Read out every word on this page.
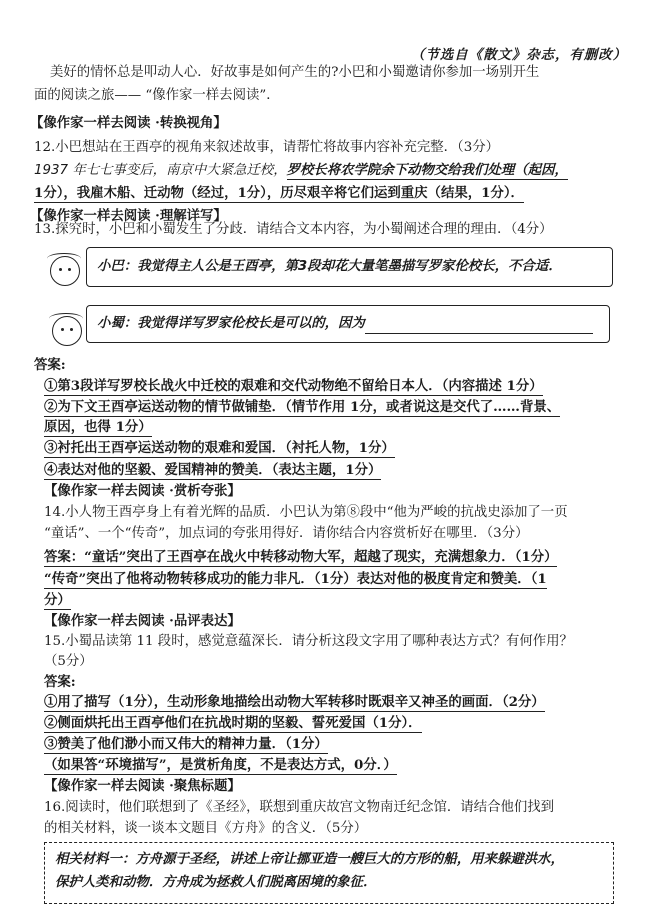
（节选自《散文》杂志，有删改）
美好的情怀总是叩动人心．好故事是如何产生的?小巴和小蜀邀请你参加一场别开生
面的阅读之旅—— “像作家一样去阅读”．
【像作家一样去阅读 ·转换视角】
12.小巴想站在王酉亭的视角来叙述故事，请帮忙将故事内容补充完整．（3分）
1937 年七七事变后，南京中大紧急迁校，罗校长将农学院余下动物交给我们处理（起因，
1分），我雇木船、迁动物（经过，1分），历尽艰辛将它们运到重庆（结果，1分）．
【像作家一样去阅读 ·理解详写】
13.探究时，小巴和小蜀发生了分歧．请结合文本内容，为小蜀阐述合理的理由．（4分）
小巴：我觉得主人公是王酉亭，第3段却花大量笔墨描写罗家伦校长，不合适．
小蜀：我觉得详写罗家伦校长是可以的，因为
答案:
①第3段详写罗校长战火中迁校的艰难和交代动物绝不留给日本人．（内容描述 1分）
②为下文王酉亭运送动物的情节做铺垫．（情节作用 1分，或者说这是交代了……背景、
原因，也得 1分）
③衬托出王酉亭运送动物的艰难和爱国．（衬托人物，1分）
④表达对他的坚毅、爱国精神的赞美．（表达主题，1分）
【像作家一样去阅读 ·赏析夸张】
14.小人物王酉亭身上有着光辉的品质．小巴认为第⑧段中“他为严峻的抗战史添加了一页
“童话”、一个“传奇”，加点词的夸张用得好．请你结合内容赏析好在哪里．（3分）
答案：“童话”突出了王酉亭在战火中转移动物大军，超越了现实，充满想象力．（1分）
“传奇”突出了他将动物转移成功的能力非凡．（1分）表达对他的极度肯定和赞美．（1
分）
【像作家一样去阅读 ·品评表达】
15.小蜀品读第 11 段时，感觉意蕴深长．请分析这段文字用了哪种表达方式？有何作用？
（5分）
答案:
①用了描写（1分），生动形象地描绘出动物大军转移时既艰辛又神圣的画面．（2分）
②侧面烘托出王酉亭他们在抗战时期的坚毅、誓死爱国（1分）．
③赞美了他们渺小而又伟大的精神力量．（1分）
（如果答“环境描写”，是赏析角度，不是表达方式，0分．）
【像作家一样去阅读 ·聚焦标题】
16.阅读时，他们联想到了《圣经》，联想到重庆故宫文物南迁纪念馆．请结合他们找到
的相关材料，谈一谈本文题目《方舟》的含义．（5分）
相关材料一：方舟源于圣经，讲述上帝让挪亚造一艘巨大的方形的船，用来躲避洪水，
保护人类和动物．方舟成为拯救人们脱离困境的象征．
